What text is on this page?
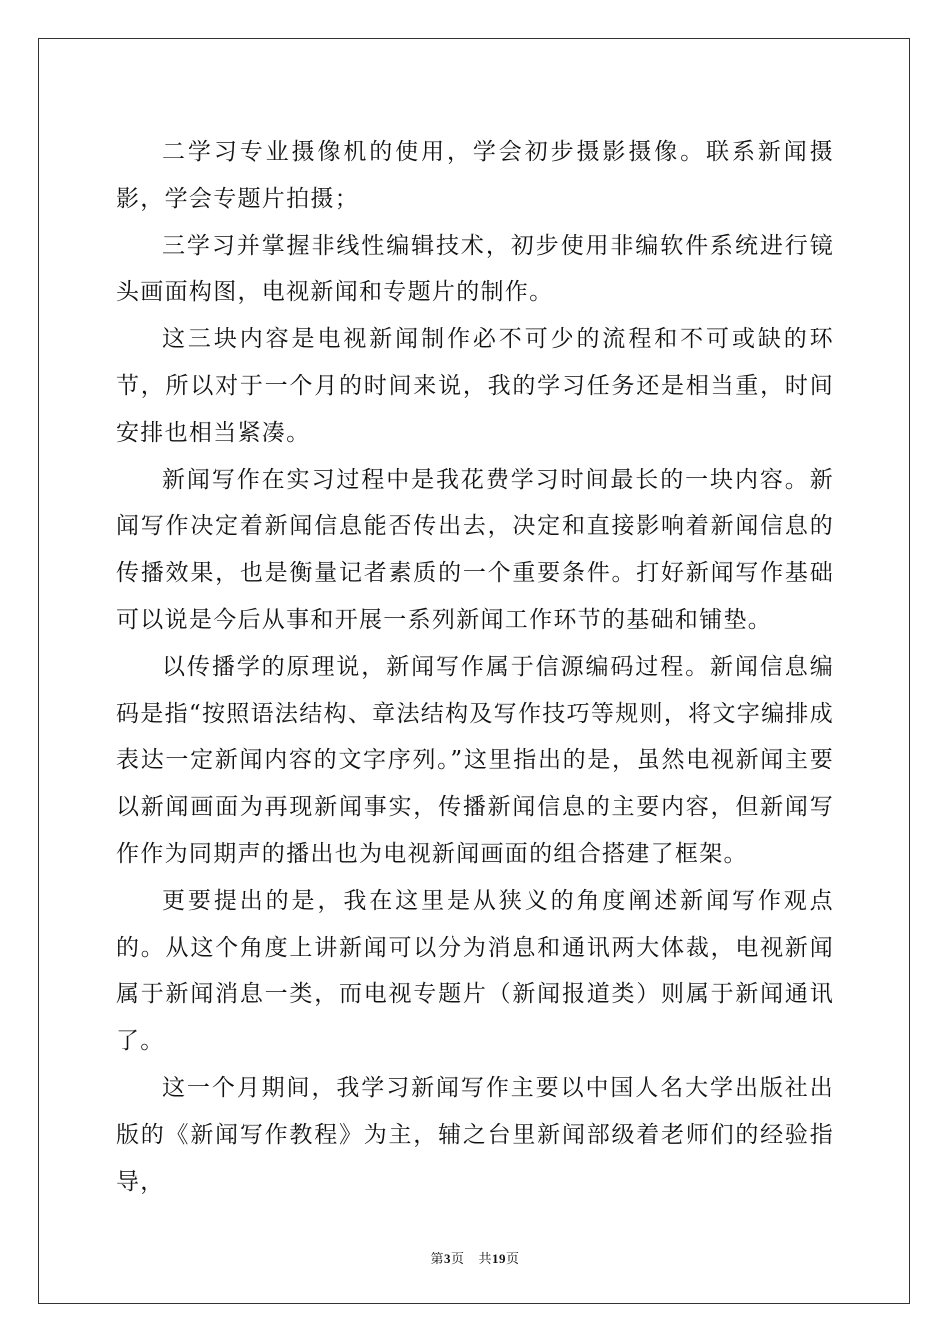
二学习专业摄像机的使用，学会初步摄影摄像。联系新闻摄影，学会专题片拍摄；

三学习并掌握非线性编辑技术，初步使用非编软件系统进行镜头画面构图，电视新闻和专题片的制作。

这三块内容是电视新闻制作必不可少的流程和不可或缺的环节，所以对于一个月的时间来说，我的学习任务还是相当重，时间安排也相当紧凑。

新闻写作在实习过程中是我花费学习时间最长的一块内容。新闻写作决定着新闻信息能否传出去，决定和直接影响着新闻信息的传播效果，也是衡量记者素质的一个重要条件。打好新闻写作基础可以说是今后从事和开展一系列新闻工作环节的基础和铺垫。

以传播学的原理说，新闻写作属于信源编码过程。新闻信息编码是指“按照语法结构、章法结构及写作技巧等规则，将文字编排成表达一定新闻内容的文字序列。”这里指出的是，虽然电视新闻主要以新闻画面为再现新闻事实，传播新闻信息的主要内容，但新闻写作作为同期声的播出也为电视新闻画面的组合搭建了框架。

更要提出的是，我在这里是从狭义的角度阐述新闻写作观点的。从这个角度上讲新闻可以分为消息和通讯两大体裁，电视新闻属于新闻消息一类，而电视专题片（新闻报道类）则属于新闻通讯了。

这一个月期间，我学习新闻写作主要以中国人名大学出版社出版的《新闻写作教程》为主，辅之台里新闻部级着老师们的经验指导，

第3页 共19页
